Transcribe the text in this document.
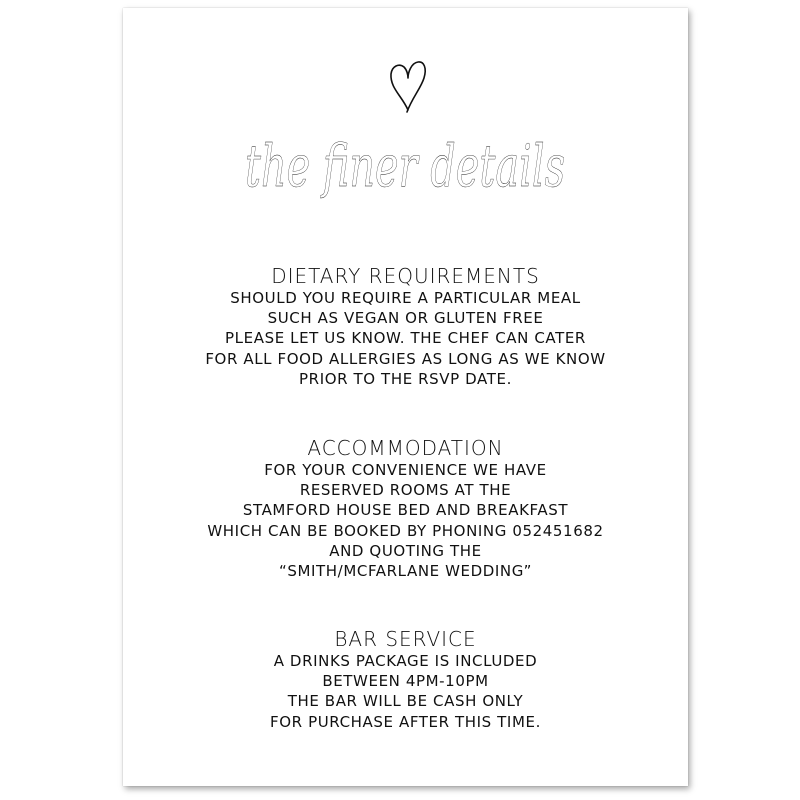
the finer details
DIETARY REQUIREMENTS
SHOULD YOU REQUIRE A PARTICULAR MEAL
SUCH AS VEGAN OR GLUTEN FREE
PLEASE LET US KNOW. THE CHEF CAN CATER
FOR ALL FOOD ALLERGIES AS LONG AS WE KNOW
PRIOR TO THE RSVP DATE.
ACCOMMODATION
FOR YOUR CONVENIENCE WE HAVE
RESERVED ROOMS AT THE
STAMFORD HOUSE BED AND BREAKFAST
WHICH CAN BE BOOKED BY PHONING 052451682
AND QUOTING THE
“SMITH/MCFARLANE WEDDING”
BAR SERVICE
A DRINKS PACKAGE IS INCLUDED
BETWEEN 4PM-10PM
THE BAR WILL BE CASH ONLY
FOR PURCHASE AFTER THIS TIME.
